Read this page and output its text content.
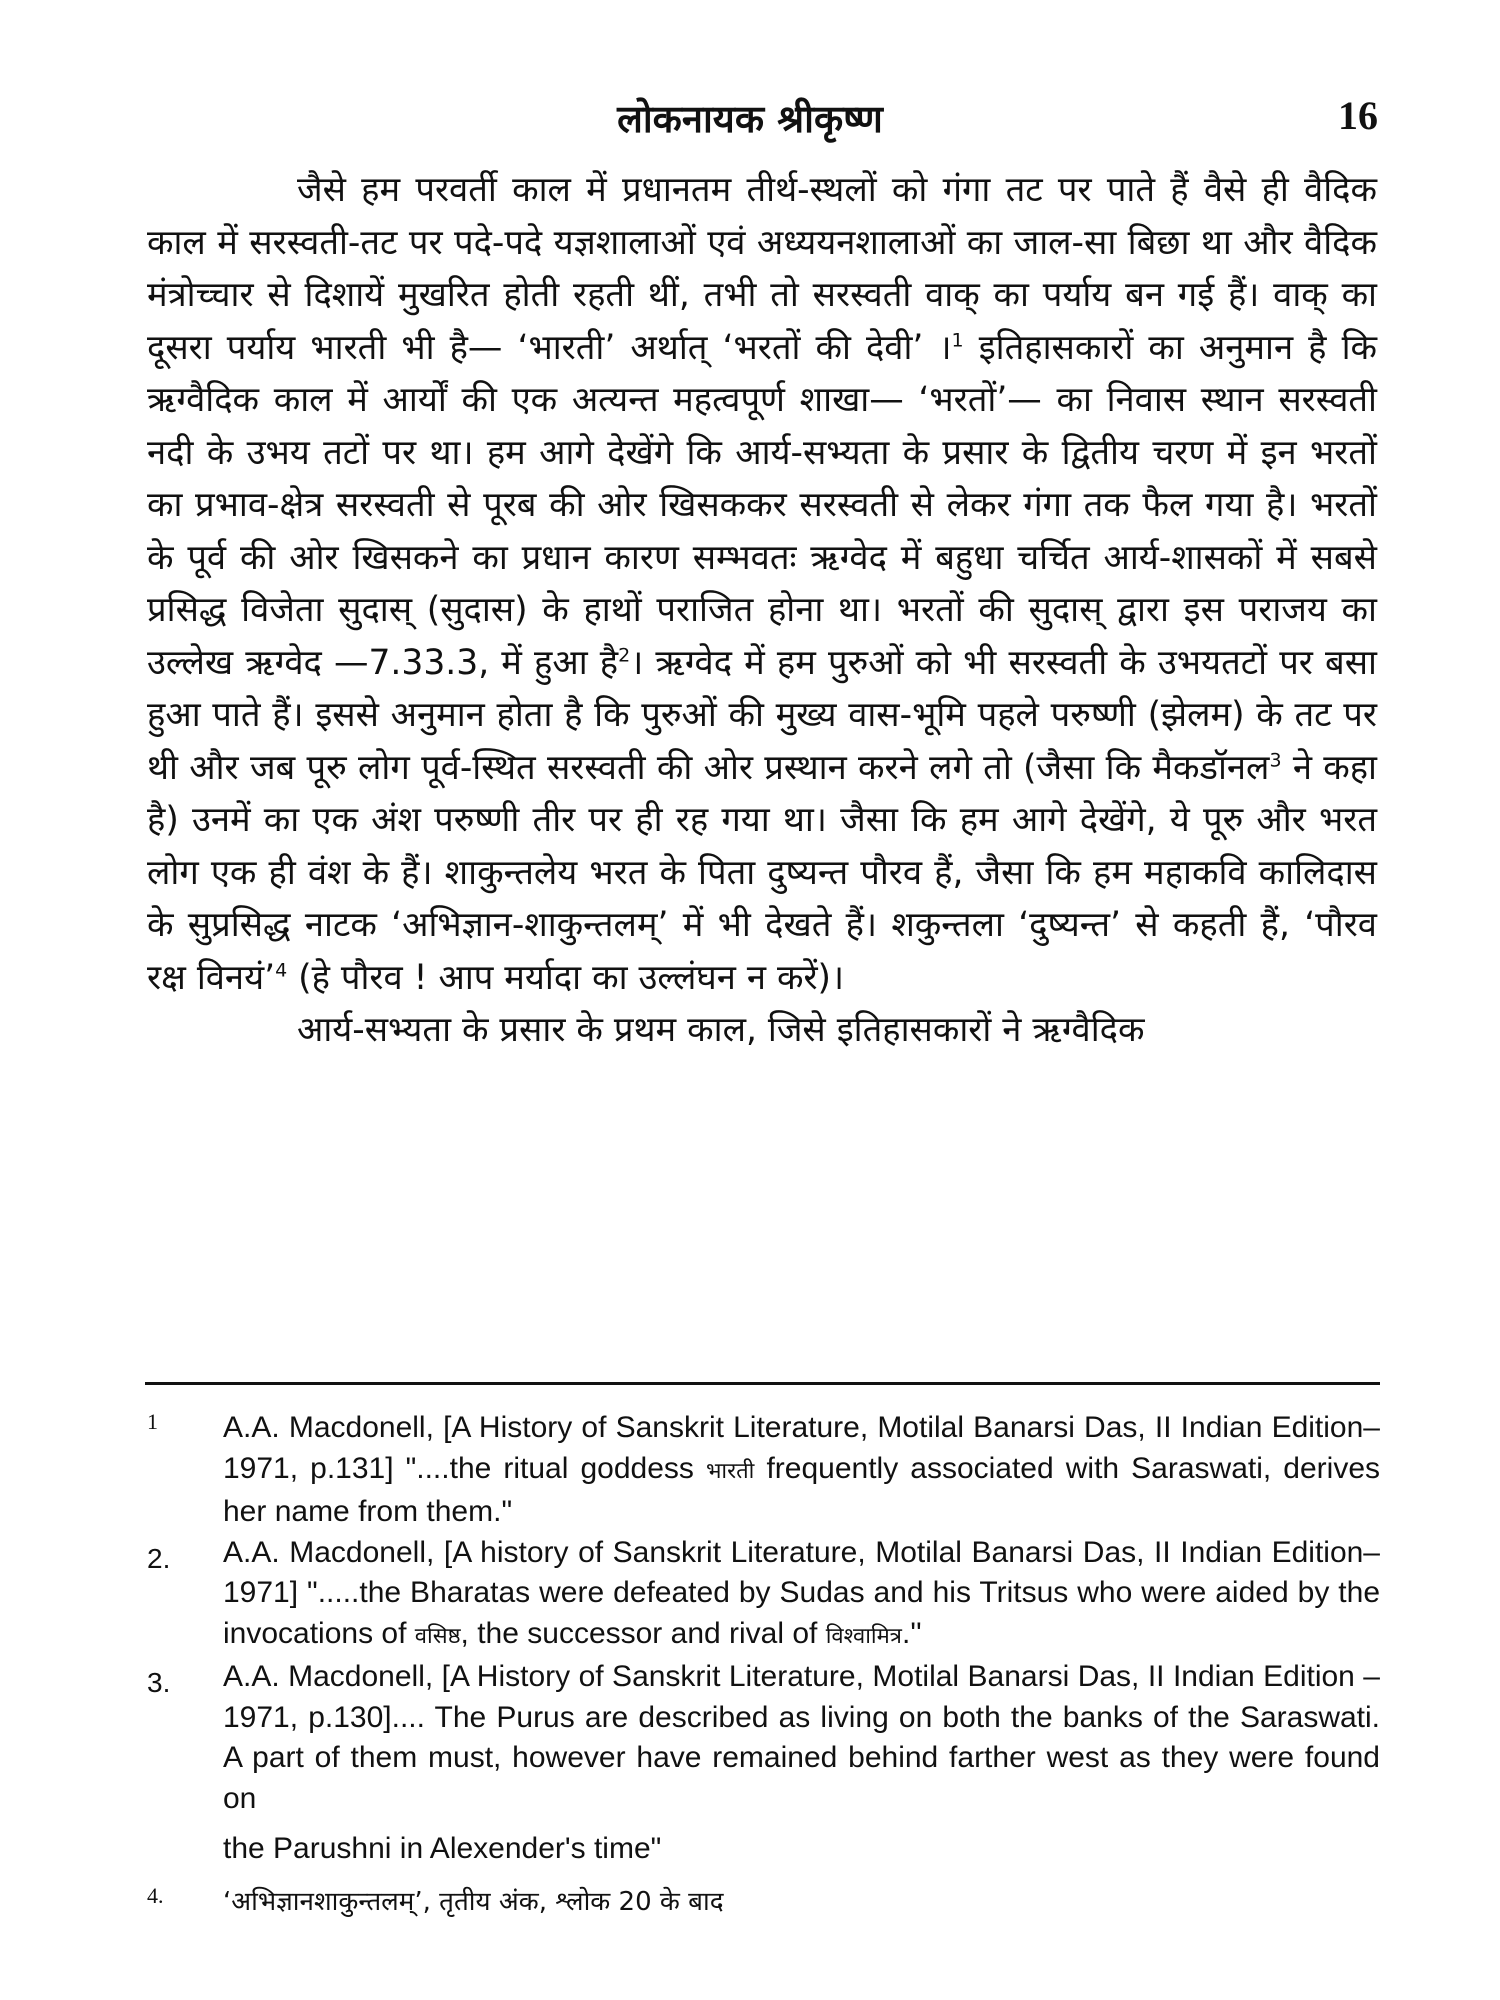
लोकनायक श्रीकृष्ण	16

जैसे हम परवर्ती काल में प्रधानतम तीर्थ-स्थलों को गंगा तट पर पाते हैं वैसे ही वैदिक काल में सरस्वती-तट पर पदे-पदे यज्ञशालाओं एवं अध्ययनशालाओं का जाल-सा बिछा था और वैदिक मंत्रोच्चार से दिशायें मुखरित होती रहती थीं, तभी तो सरस्वती वाक् का पर्याय बन गई हैं। वाक् का दूसरा पर्याय भारती भी है— ‘भारती’ अर्थात् ‘भरतों की देवी’ ।$^1$ इतिहासकारों का अनुमान है कि ऋग्वैदिक काल में आर्यों की एक अत्यन्त महत्वपूर्ण शाखा— ‘भरतों’— का निवास स्थान सरस्वती नदी के उभय तटों पर था। हम आगे देखेंगे कि आर्य-सभ्यता के प्रसार के द्वितीय चरण में इन भरतों का प्रभाव-क्षेत्र सरस्वती से पूरब की ओर खिसककर सरस्वती से लेकर गंगा तक फैल गया है। भरतों के पूर्व की ओर खिसकने का प्रधान कारण सम्भवतः ऋग्वेद में बहुधा चर्चित आर्य-शासकों में सबसे प्रसिद्ध विजेता सुदास् (सुदास) के हाथों पराजित होना था। भरतों की सुदास् द्वारा इस पराजय का उल्लेख ऋग्वेद —7.33.3, में हुआ है$^2$। ऋग्वेद में हम पुरुओं को भी सरस्वती के उभयतटों पर बसा हुआ पाते हैं। इससे अनुमान होता है कि पुरुओं की मुख्य वास-भूमि पहले परुष्णी (झेलम) के तट पर थी और जब पूरु लोग पूर्व-स्थित सरस्वती की ओर प्रस्थान करने लगे तो (जैसा कि मैकडॉनल$^3$ ने कहा है) उनमें का एक अंश परुष्णी तीर पर ही रह गया था। जैसा कि हम आगे देखेंगे, ये पूरु और भरत लोग एक ही वंश के हैं। शाकुन्तलेय भरत के पिता दुष्यन्त पौरव हैं, जैसा कि हम महाकवि कालिदास के सुप्रसिद्ध नाटक ‘अभिज्ञान-शाकुन्तलम्’ में भी देखते हैं। शकुन्तला ‘दुष्यन्त’ से कहती हैं, ‘पौरव रक्ष विनयं’$^4$ (हे पौरव ! आप मर्यादा का उल्लंघन न करें)।

आर्य-सभ्यता के प्रसार के प्रथम काल, जिसे इतिहासकारों ने ऋग्वैदिक

1 A.A. Macdonell, [A History of Sanskrit Literature, Motilal Banarsi Das, II Indian Edition– 1971, p.131] "....the ritual goddess भारती frequently associated with Saraswati, derives her name from them."

2. A.A. Macdonell, [A history of Sanskrit Literature, Motilal Banarsi Das, II Indian Edition– 1971] ".....the Bharatas were defeated by Sudas and his Tritsus who were aided by the invocations of वसिष्ठ, the successor and rival of विश्वामित्र.''

3. A.A. Macdonell, [A History of Sanskrit Literature, Motilal Banarsi Das, II Indian Edition – 1971, p.130].... The Purus are described as living on both the banks of the Saraswati. A part of them must, however have remained behind farther west as they were found on

the Parushni in Alexender's time"

4. ‘अभिज्ञानशाकुन्तलम्’, तृतीय अंक, श्लोक 20 के बाद
